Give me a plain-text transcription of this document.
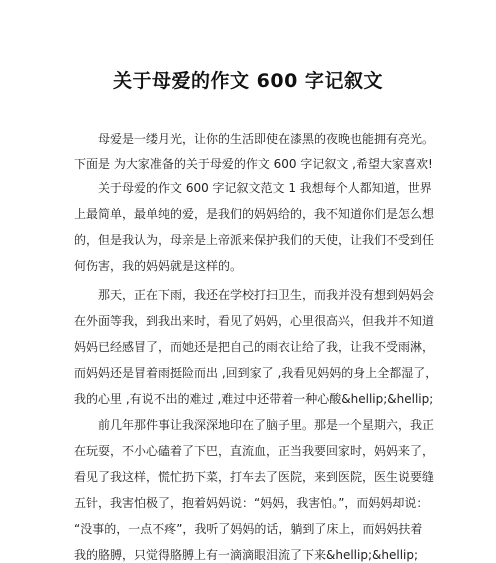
关于母爱的作文 600 字记叙文
母爱是一缕月光，让你的生活即使在漆黑的夜晚也能拥有亮光。
下面是 为大家准备的关于母爱的作文 600 字记叙文 ,希望大家喜欢!
关于母爱的作文 600 字记叙文范文 1 我想每个人都知道，世界
上最简单，最单纯的爱，是我们的妈妈给的，我不知道你们是怎么想
的，但是我认为，母亲是上帝派来保护我们的天使，让我们不受到任
何伤害，我的妈妈就是这样的。
那天，正在下雨，我还在学校打扫卫生，而我并没有想到妈妈会
在外面等我，到我出来时，看见了妈妈，心里很高兴，但我并不知道
妈妈已经感冒了，而她还是把自己的雨衣让给了我，让我不受雨淋，
而妈妈还是冒着雨挺险而出 ,回到家了 ,我看见妈妈的身上全都湿了，
我的心里 ,有说不出的难过 ,难过中还带着一种心酸&hellip;&hellip;
前几年那件事让我深深地印在了脑子里。那是一个星期六，我正
在玩耍，不小心磕着了下巴，直流血，正当我要回家时，妈妈来了，
看见了我这样，慌忙扔下菜，打车去了医院，来到医院，医生说要缝
五针，我害怕极了，抱着妈妈说：“妈妈，我害怕。”，而妈妈却说：
“没事的，一点不疼”，我听了妈妈的话，躺到了床上，而妈妈扶着
我的胳膊，只觉得胳膊上有一滴滴眼泪流了下来&hellip;&hellip;
